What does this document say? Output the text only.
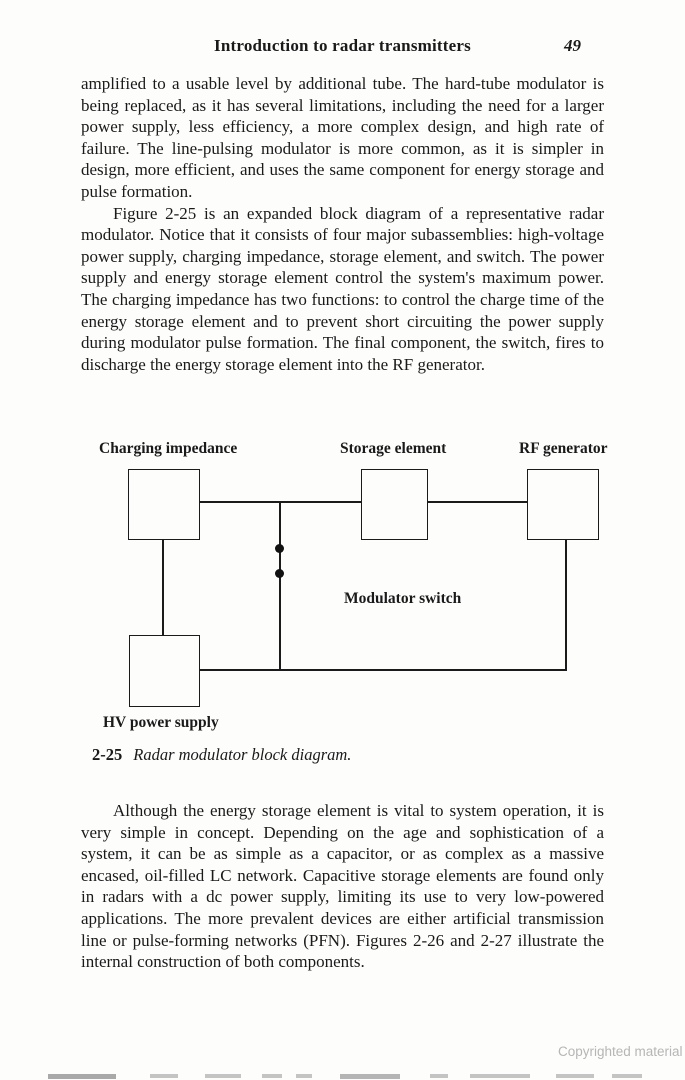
Introduction to radar transmitters	49

amplified to a usable level by additional tube. The hard-tube modulator is being replaced, as it has several limitations, including the need for a larger power supply, less efficiency, a more complex design, and high rate of failure. The line-pulsing modulator is more common, as it is simpler in design, more efficient, and uses the same component for energy storage and pulse formation.

Figure 2-25 is an expanded block diagram of a representative radar modulator. Notice that it consists of four major subassemblies: high-voltage power supply, charging impedance, storage element, and switch. The power supply and energy storage element control the system's maximum power. The charging impedance has two functions: to control the charge time of the energy storage element and to prevent short circuiting the power supply during modulator pulse formation. The final component, the switch, fires to discharge the energy storage element into the RF generator.

Charging impedance	Storage element	RF generator
Modulator switch
HV power supply
2-25 Radar modulator block diagram.

Although the energy storage element is vital to system operation, it is very simple in concept. Depending on the age and sophistication of a system, it can be as simple as a capacitor, or as complex as a massive encased, oil-filled LC network. Capacitive storage elements are found only in radars with a dc power supply, limiting its use to very low-powered applications. The more prevalent devices are either artificial transmission line or pulse-forming networks (PFN). Figures 2-26 and 2-27 illustrate the internal construction of both components.

Copyrighted material
